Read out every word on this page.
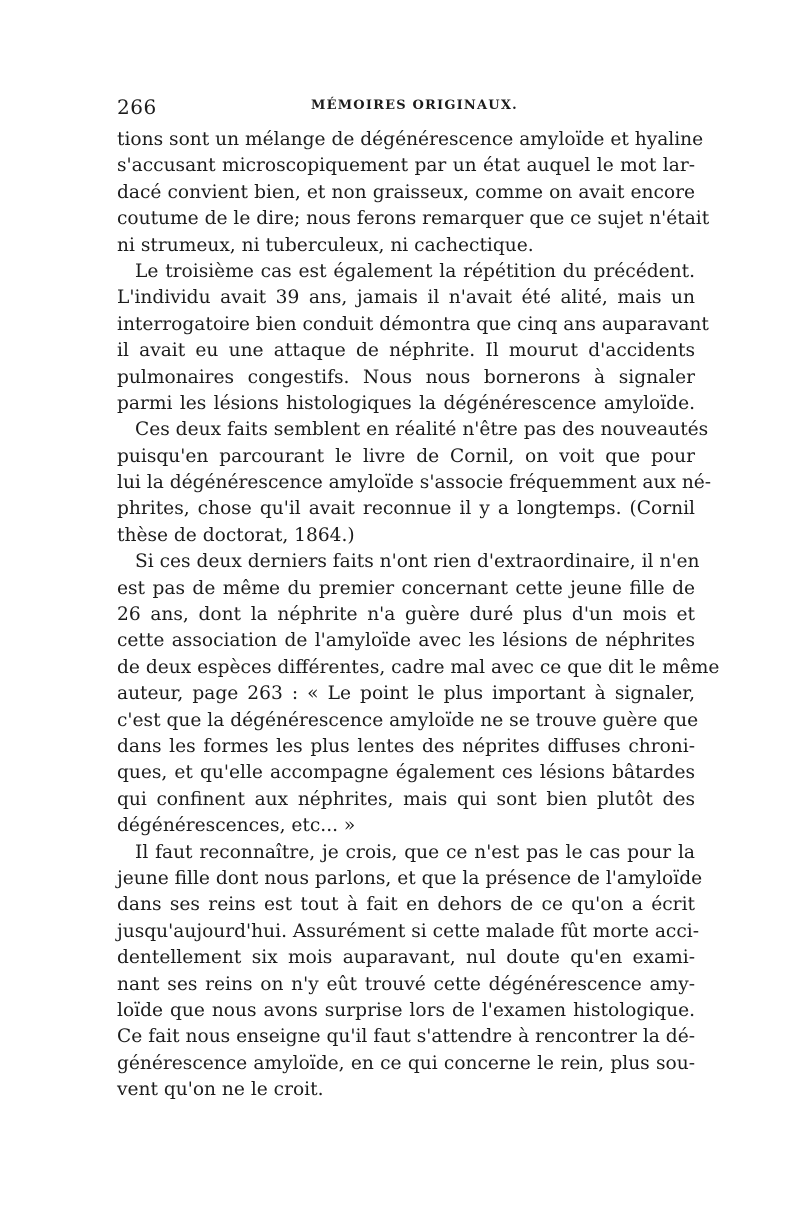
266	MÉMOIRES ORIGINAUX.
tions sont un mélange de dégénérescence amyloïde et hyaline
s'accusant microscopiquement par un état auquel le mot lar-
dacé convient bien, et non graisseux, comme on avait encore
coutume de le dire; nous ferons remarquer que ce sujet n'était
ni strumeux, ni tuberculeux, ni cachectique.
Le troisième cas est également la répétition du précédent.
L'individu avait 39 ans, jamais il n'avait été alité, mais un
interrogatoire bien conduit démontra que cinq ans auparavant
il avait eu une attaque de néphrite. Il mourut d'accidents
pulmonaires congestifs. Nous nous bornerons à signaler
parmi les lésions histologiques la dégénérescence amyloïde.
Ces deux faits semblent en réalité n'être pas des nouveautés
puisqu'en parcourant le livre de Cornil, on voit que pour
lui la dégénérescence amyloïde s'associe fréquemment aux né-
phrites, chose qu'il avait reconnue il y a longtemps. (Cornil
thèse de doctorat, 1864.)
Si ces deux derniers faits n'ont rien d'extraordinaire, il n'en
est pas de même du premier concernant cette jeune fille de
26 ans, dont la néphrite n'a guère duré plus d'un mois et
cette association de l'amyloïde avec les lésions de néphrites
de deux espèces différentes, cadre mal avec ce que dit le même
auteur, page 263 : « Le point le plus important à signaler,
c'est que la dégénérescence amyloïde ne se trouve guère que
dans les formes les plus lentes des néprites diffuses chroni-
ques, et qu'elle accompagne également ces lésions bâtardes
qui confinent aux néphrites, mais qui sont bien plutôt des
dégénérescences, etc... »
Il faut reconnaître, je crois, que ce n'est pas le cas pour la
jeune fille dont nous parlons, et que la présence de l'amyloïde
dans ses reins est tout à fait en dehors de ce qu'on a écrit
jusqu'aujourd'hui. Assurément si cette malade fût morte acci-
dentellement six mois auparavant, nul doute qu'en exami-
nant ses reins on n'y eût trouvé cette dégénérescence amy-
loïde que nous avons surprise lors de l'examen histologique.
Ce fait nous enseigne qu'il faut s'attendre à rencontrer la dé-
générescence amyloïde, en ce qui concerne le rein, plus sou-
vent qu'on ne le croit.
